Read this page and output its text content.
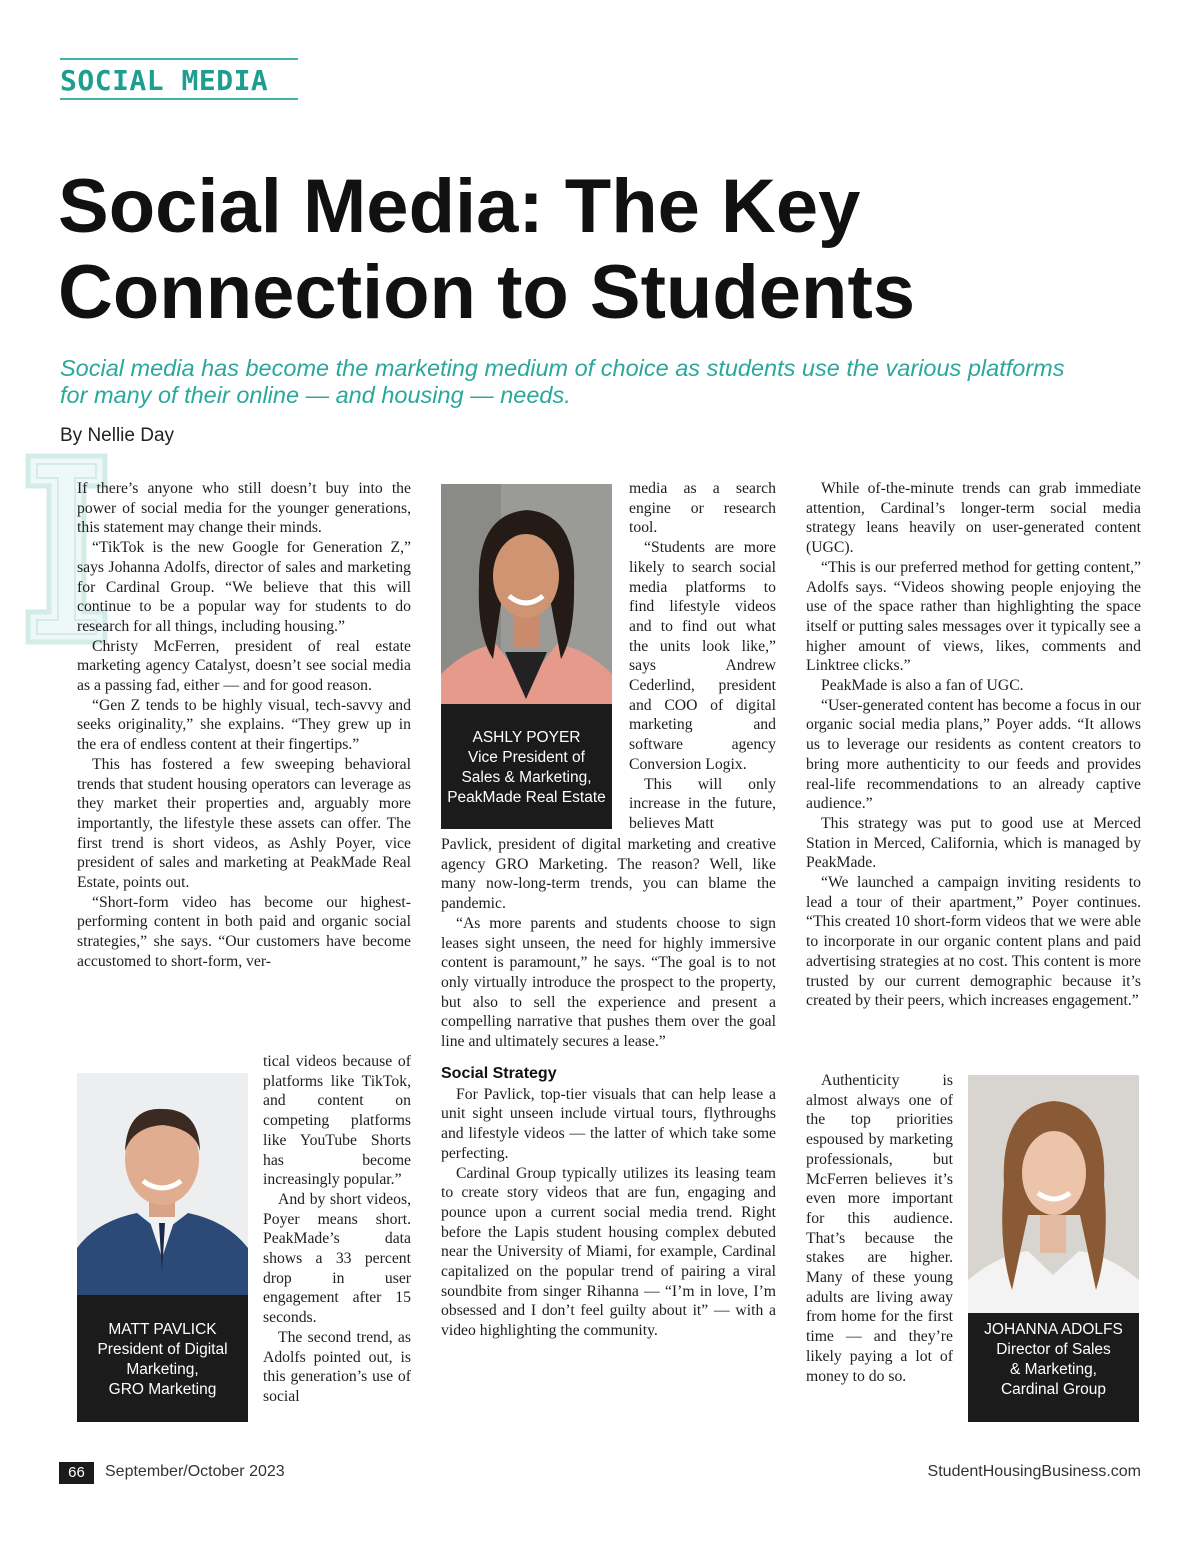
SOCIAL MEDIA
Social Media: The Key
Connection to Students
Social media has become the marketing medium of choice as students use the various platforms
for many of their online — and housing — needs.
By Nellie Day

If there’s anyone who still doesn’t buy into the power of social media for the younger generations, this statement may change their minds.

“TikTok is the new Google for Generation Z,” says Johanna Adolfs, director of sales and marketing for Cardinal Group. “We believe that this will continue to be a popular way for students to do research for all things, including housing.”

Christy McFerren, president of real estate marketing agency Catalyst, doesn’t see social media as a passing fad, either — and for good reason.

“Gen Z tends to be highly visual, tech-savvy and seeks originality,” she explains. “They grew up in the era of endless content at their fingertips.”

This has fostered a few sweeping behavioral trends that student housing operators can leverage as they market their properties and, arguably more importantly, the lifestyle these assets can offer. The first trend is short videos, as Ashly Poyer, vice president of sales and marketing at PeakMade Real Estate, points out.

“Short-form video has become our highest-performing content in both paid and organic social strategies,” she says. “Our customers have become accustomed to short-form, ver-

tical videos because of platforms like TikTok, and content on competing platforms like YouTube Shorts has become increasingly popular.”

And by short videos, Poyer means short. PeakMade’s data shows a 33 percent drop in user engagement after 15 seconds.

The second trend, as Adolfs pointed out, is this generation’s use of social

MATT PAVLICK
President of Digital
Marketing,
GRO Marketing
ASHLY POYER
Vice President of
Sales & Marketing,
PeakMade Real Estate

media as a search engine or research tool.

“Students are more likely to search social media platforms to find lifestyle videos and to find out what the units look like,” says Andrew Cederlind, president and COO of digital marketing and software agency Conversion Logix.

This will only increase in the future, believes Matt

Pavlick, president of digital marketing and creative agency GRO Marketing. The reason? Well, like many now-long-term trends, you can blame the pandemic.

“As more parents and students choose to sign leases sight unseen, the need for highly immersive content is paramount,” he says. “The goal is to not only virtually introduce the prospect to the property, but also to sell the experience and present a compelling narrative that pushes them over the goal line and ultimately secures a lease.”

Social Strategy

For Pavlick, top-tier visuals that can help lease a unit sight unseen include virtual tours, flythroughs and lifestyle videos — the latter of which take some perfecting.

Cardinal Group typically utilizes its leasing team to create story videos that are fun, engaging and pounce upon a current social media trend. Right before the Lapis student housing complex debuted near the University of Miami, for example, Cardinal capitalized on the popular trend of pairing a viral soundbite from singer Rihanna — “I’m in love, I’m obsessed and I don’t feel guilty about it” — with a video highlighting the community.

While of-the-minute trends can grab immediate attention, Cardinal’s longer-term social media strategy leans heavily on user-generated content (UGC).

“This is our preferred method for getting content,” Adolfs says. “Videos showing people enjoying the use of the space rather than highlighting the space itself or putting sales messages over it typically see a higher amount of views, likes, comments and Linktree clicks.”

PeakMade is also a fan of UGC.

“User-generated content has become a focus in our organic social media plans,” Poyer adds. “It allows us to leverage our residents as content creators to bring more authenticity to our feeds and provides real-life recommendations to an already captive audience.”

This strategy was put to good use at Merced Station in Merced, California, which is managed by PeakMade.

“We launched a campaign inviting residents to lead a tour of their apartment,” Poyer continues. “This created 10 short-form videos that we were able to incorporate in our organic content plans and paid advertising strategies at no cost. This content is more trusted by our current demographic because it’s created by their peers, which increases engagement.”

Authenticity is almost always one of the top priorities espoused by marketing professionals, but McFerren believes it’s even more important for this audience. That’s because the stakes are higher. Many of these young adults are living away from home for the first time — and they’re likely paying a lot of money to do so.

JOHANNA ADOLFS
Director of Sales
& Marketing,
Cardinal Group
66	September/October 2023	StudentHousingBusiness.com
